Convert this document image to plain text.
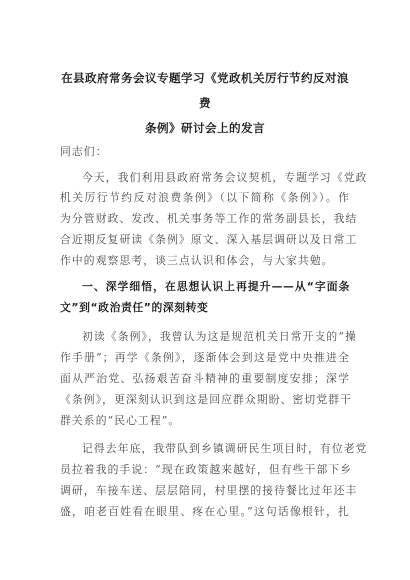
在县政府常务会议专题学习《党政机关厉行节约反对浪费
条例》研讨会上的发言
同志们：
今天，我们利用县政府常务会议契机，专题学习《党政
机关厉行节约反对浪费条例》（以下简称《条例》）。作
为分管财政、发改、机关事务等工作的常务副县长，我结
合近期反复研读《条例》原文、深入基层调研以及日常工
作中的观察思考，谈三点认识和体会，与大家共勉。
一、深学细悟，在思想认识上再提升——从“字面条
文”到“政治责任”的深刻转变
初读《条例》，我曾认为这是规范机关日常开支的“操
作手册”；再学《条例》，逐渐体会到这是党中央推进全
面从严治党、弘扬艰苦奋斗精神的重要制度安排；深学
《条例》，更深刻认识到这是回应群众期盼、密切党群干
群关系的“民心工程”。
记得去年底，我带队到乡镇调研民生项目时，有位老党
员拉着我的手说：“现在政策越来越好，但有些干部下乡
调研，车接车送、层层陪同，村里摆的接待餐比过年还丰
盛，咱老百姓看在眼里、疼在心里。”这句话像根针，扎
